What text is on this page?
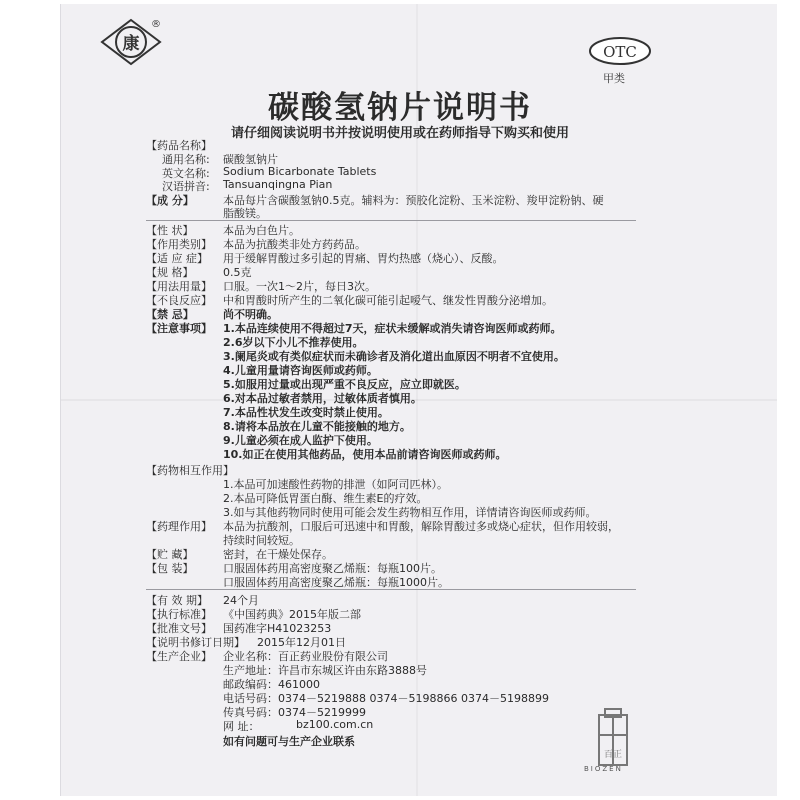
康
®
OTC
甲类
碳酸氢钠片说明书
请仔细阅读说明书并按说明使用或在药师指导下购买和使用
【药品名称】
通用名称: 碳酸氢钠片
英文名称: Sodium Bicarbonate Tablets
汉语拼音: Tansuanqingna Pian
【成 分】	本品每片含碳酸氢钠0.5克。辅料为：预胶化淀粉、玉米淀粉、羧甲淀粉钠、硬
脂酸镁。
【性 状】	本品为白色片。
【作用类别】 本品为抗酸类非处方药药品。
【适 应 症】 用于缓解胃酸过多引起的胃痛、胃灼热感（烧心）、反酸。
【规 格】	0.5克
【用法用量】 口服。一次1～2片，每日3次。
【不良反应】 中和胃酸时所产生的二氧化碳可能引起嗳气、继发性胃酸分泌增加。
【禁 忌】	尚不明确。
【注意事项】 1.本品连续使用不得超过7天，症状未缓解或消失请咨询医师或药师。
2.6岁以下小儿不推荐使用。
3.阑尾炎或有类似症状而未确诊者及消化道出血原因不明者不宜使用。
4.儿童用量请咨询医师或药师。
5.如服用过量或出现严重不良反应，应立即就医。
6.对本品过敏者禁用，过敏体质者慎用。
7.本品性状发生改变时禁止使用。
8.请将本品放在儿童不能接触的地方。
9.儿童必须在成人监护下使用。
10.如正在使用其他药品，使用本品前请咨询医师或药师。
【药物相互作用】
1.本品可加速酸性药物的排泄（如阿司匹林）。
2.本品可降低胃蛋白酶、维生素E的疗效。
3.如与其他药物同时使用可能会发生药物相互作用，详情请咨询医师或药师。
【药理作用】 本品为抗酸剂，口服后可迅速中和胃酸，解除胃酸过多或烧心症状，但作用较弱，
持续时间较短。
【贮 藏】	密封，在干燥处保存。
【包 装】	口服固体药用高密度聚乙烯瓶：每瓶100片。
口服固体药用高密度聚乙烯瓶：每瓶1000片。
【有 效 期】 24个月
【执行标准】 《中国药典》2015年版二部
【批准文号】 国药准字H41023253
【说明书修订日期】 2015年12月01日
【生产企业】 企业名称：百正药业股份有限公司
生产地址：许昌市东城区许由东路3888号
邮政编码：461000
电话号码：0374－5219888 0374－5198866 0374－5198899
传真号码：0374－5219999
网 址：	bz100.com.cn
如有问题可与生产企业联系
百正
BIOZEN
